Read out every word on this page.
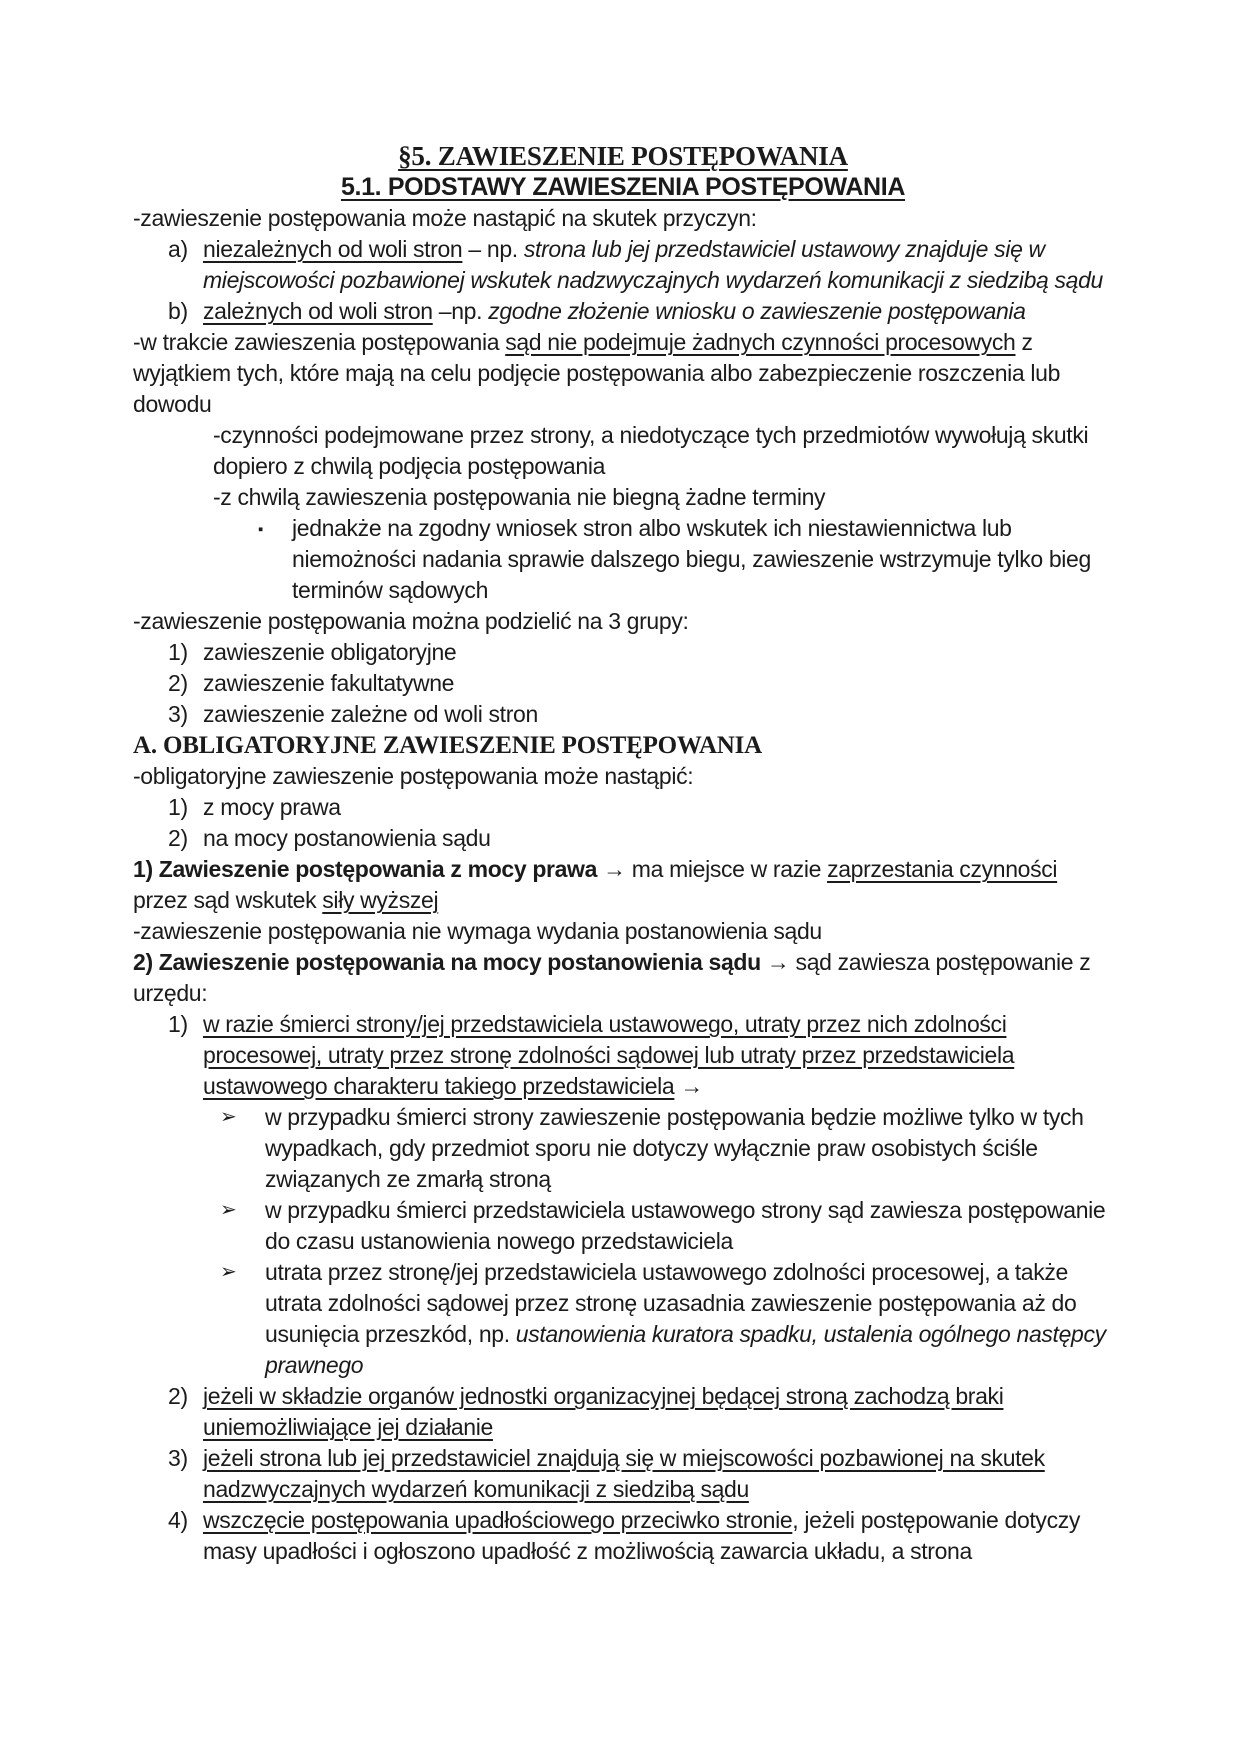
§5. ZAWIESZENIE POSTĘPOWANIA
5.1. PODSTAWY ZAWIESZENIA POSTĘPOWANIA

-zawieszenie postępowania może nastąpić na skutek przyczyn:

a) niezależnych od woli stron – np. strona lub jej przedstawiciel ustawowy znajduje się w miejscowości pozbawionej wskutek nadzwyczajnych wydarzeń komunikacji z siedzibą sądu
b) zależnych od woli stron –np. zgodne złożenie wniosku o zawieszenie postępowania

-w trakcie zawieszenia postępowania sąd nie podejmuje żadnych czynności procesowych z wyjątkiem tych, które mają na celu podjęcie postępowania albo zabezpieczenie roszczenia lub dowodu

-czynności podejmowane przez strony, a niedotyczące tych przedmiotów wywołują skutki dopiero z chwilą podjęcia postępowania

-z chwilą zawieszenia postępowania nie biegną żadne terminy

▪ jednakże na zgodny wniosek stron albo wskutek ich niestawiennictwa lub niemożności nadania sprawie dalszego biegu, zawieszenie wstrzymuje tylko bieg terminów sądowych

-zawieszenie postępowania można podzielić na 3 grupy:

1) zawieszenie obligatoryjne
2) zawieszenie fakultatywne
3) zawieszenie zależne od woli stron
A. OBLIGATORYJNE ZAWIESZENIE POSTĘPOWANIA

-obligatoryjne zawieszenie postępowania może nastąpić:

1) z mocy prawa
2) na mocy postanowienia sądu

1) Zawieszenie postępowania z mocy prawa → ma miejsce w razie zaprzestania czynności przez sąd wskutek siły wyższej

-zawieszenie postępowania nie wymaga wydania postanowienia sądu

2) Zawieszenie postępowania na mocy postanowienia sądu → sąd zawiesza postępowanie z urzędu:

1) w razie śmierci strony/jej przedstawiciela ustawowego, utraty przez nich zdolności procesowej, utraty przez stronę zdolności sądowej lub utraty przez przedstawiciela ustawowego charakteru takiego przedstawiciela →
➢ w przypadku śmierci strony zawieszenie postępowania będzie możliwe tylko w tych wypadkach, gdy przedmiot sporu nie dotyczy wyłącznie praw osobistych ściśle związanych ze zmarłą stroną
➢ w przypadku śmierci przedstawiciela ustawowego strony sąd zawiesza postępowanie do czasu ustanowienia nowego przedstawiciela
➢ utrata przez stronę/jej przedstawiciela ustawowego zdolności procesowej, a także utrata zdolności sądowej przez stronę uzasadnia zawieszenie postępowania aż do usunięcia przeszkód, np. ustanowienia kuratora spadku, ustalenia ogólnego następcy prawnego
2) jeżeli w składzie organów jednostki organizacyjnej będącej stroną zachodzą braki uniemożliwiające jej działanie
3) jeżeli strona lub jej przedstawiciel znajdują się w miejscowości pozbawionej na skutek nadzwyczajnych wydarzeń komunikacji z siedzibą sądu
4) wszczęcie postępowania upadłościowego przeciwko stronie, jeżeli postępowanie dotyczy masy upadłości i ogłoszono upadłość z możliwością zawarcia układu, a strona
